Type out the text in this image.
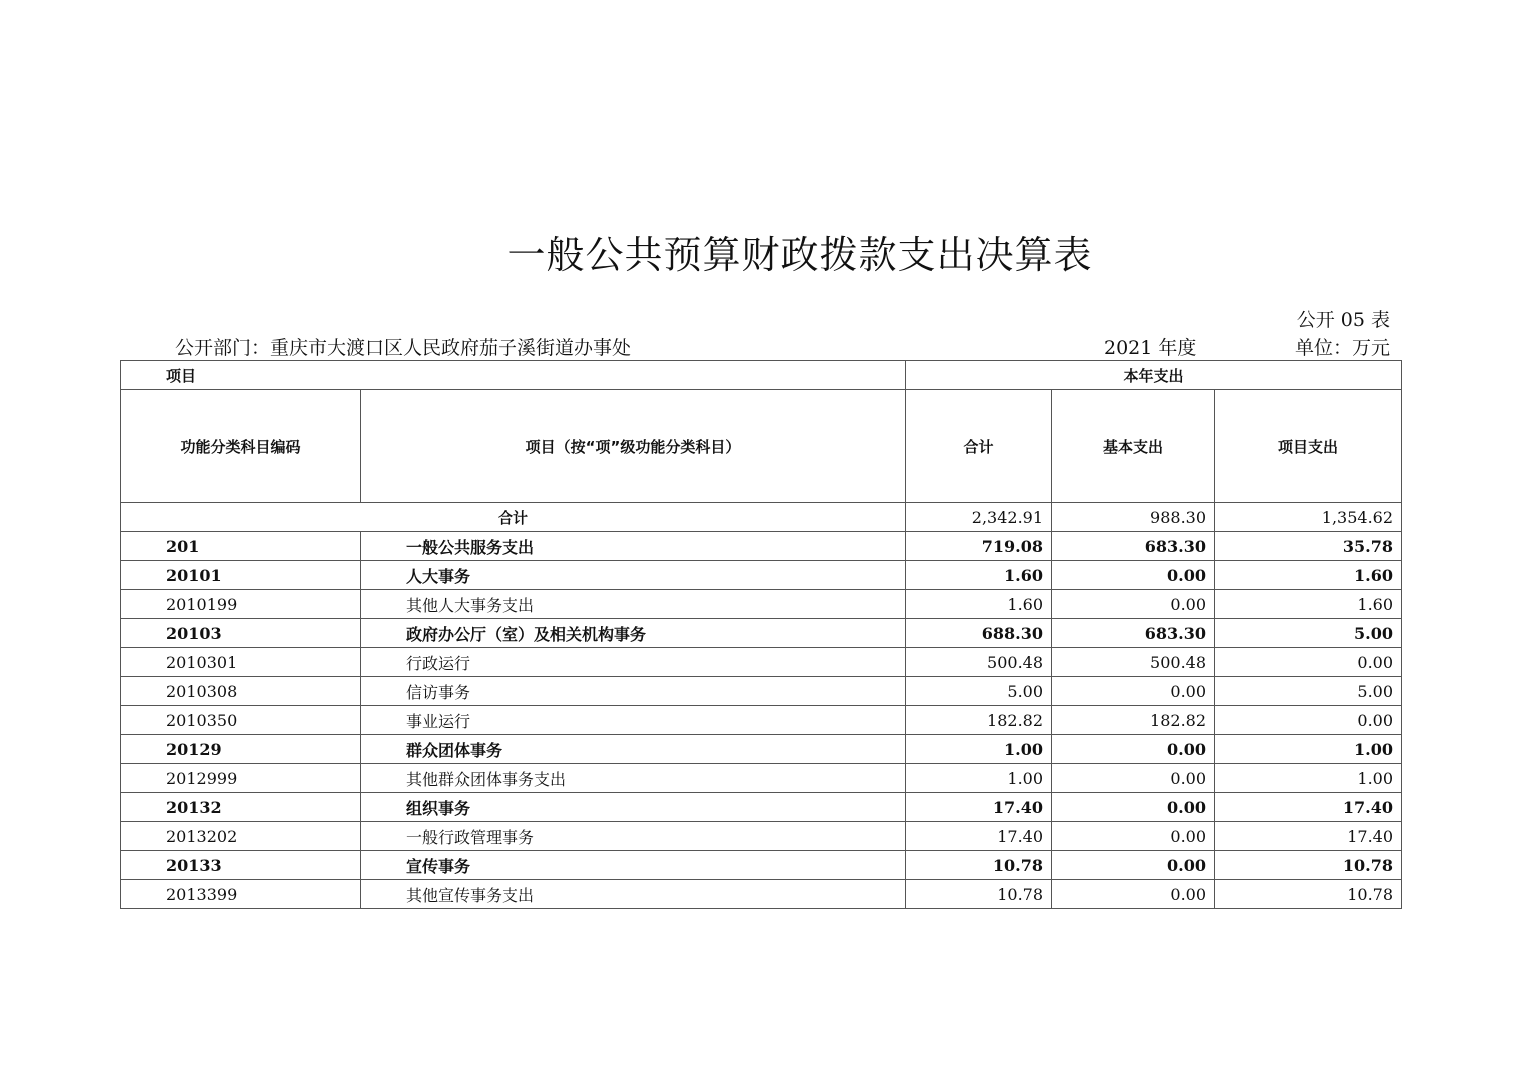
一般公共预算财政拨款支出决算表
公开 05 表
公开部门：重庆市大渡口区人民政府茄子溪街道办事处	2021 年度	单位：万元
项目		本年支出		
功能分类科目编码	项目（按“项”级功能分类科目）	合计	基本支出	项目支出
合计		2,342.91	988.30	1,354.62
201	一般公共服务支出	719.08	683.30	35.78
20101	人大事务	1.60	0.00	1.60
2010199	其他人大事务支出	1.60	0.00	1.60
20103	政府办公厅（室）及相关机构事务	688.30	683.30	5.00
2010301	行政运行	500.48	500.48	0.00
2010308	信访事务	5.00	0.00	5.00
2010350	事业运行	182.82	182.82	0.00
20129	群众团体事务	1.00	0.00	1.00
2012999	其他群众团体事务支出	1.00	0.00	1.00
20132	组织事务	17.40	0.00	17.40
2013202	一般行政管理事务	17.40	0.00	17.40
20133	宣传事务	10.78	0.00	10.78
2013399	其他宣传事务支出	10.78	0.00	10.78
